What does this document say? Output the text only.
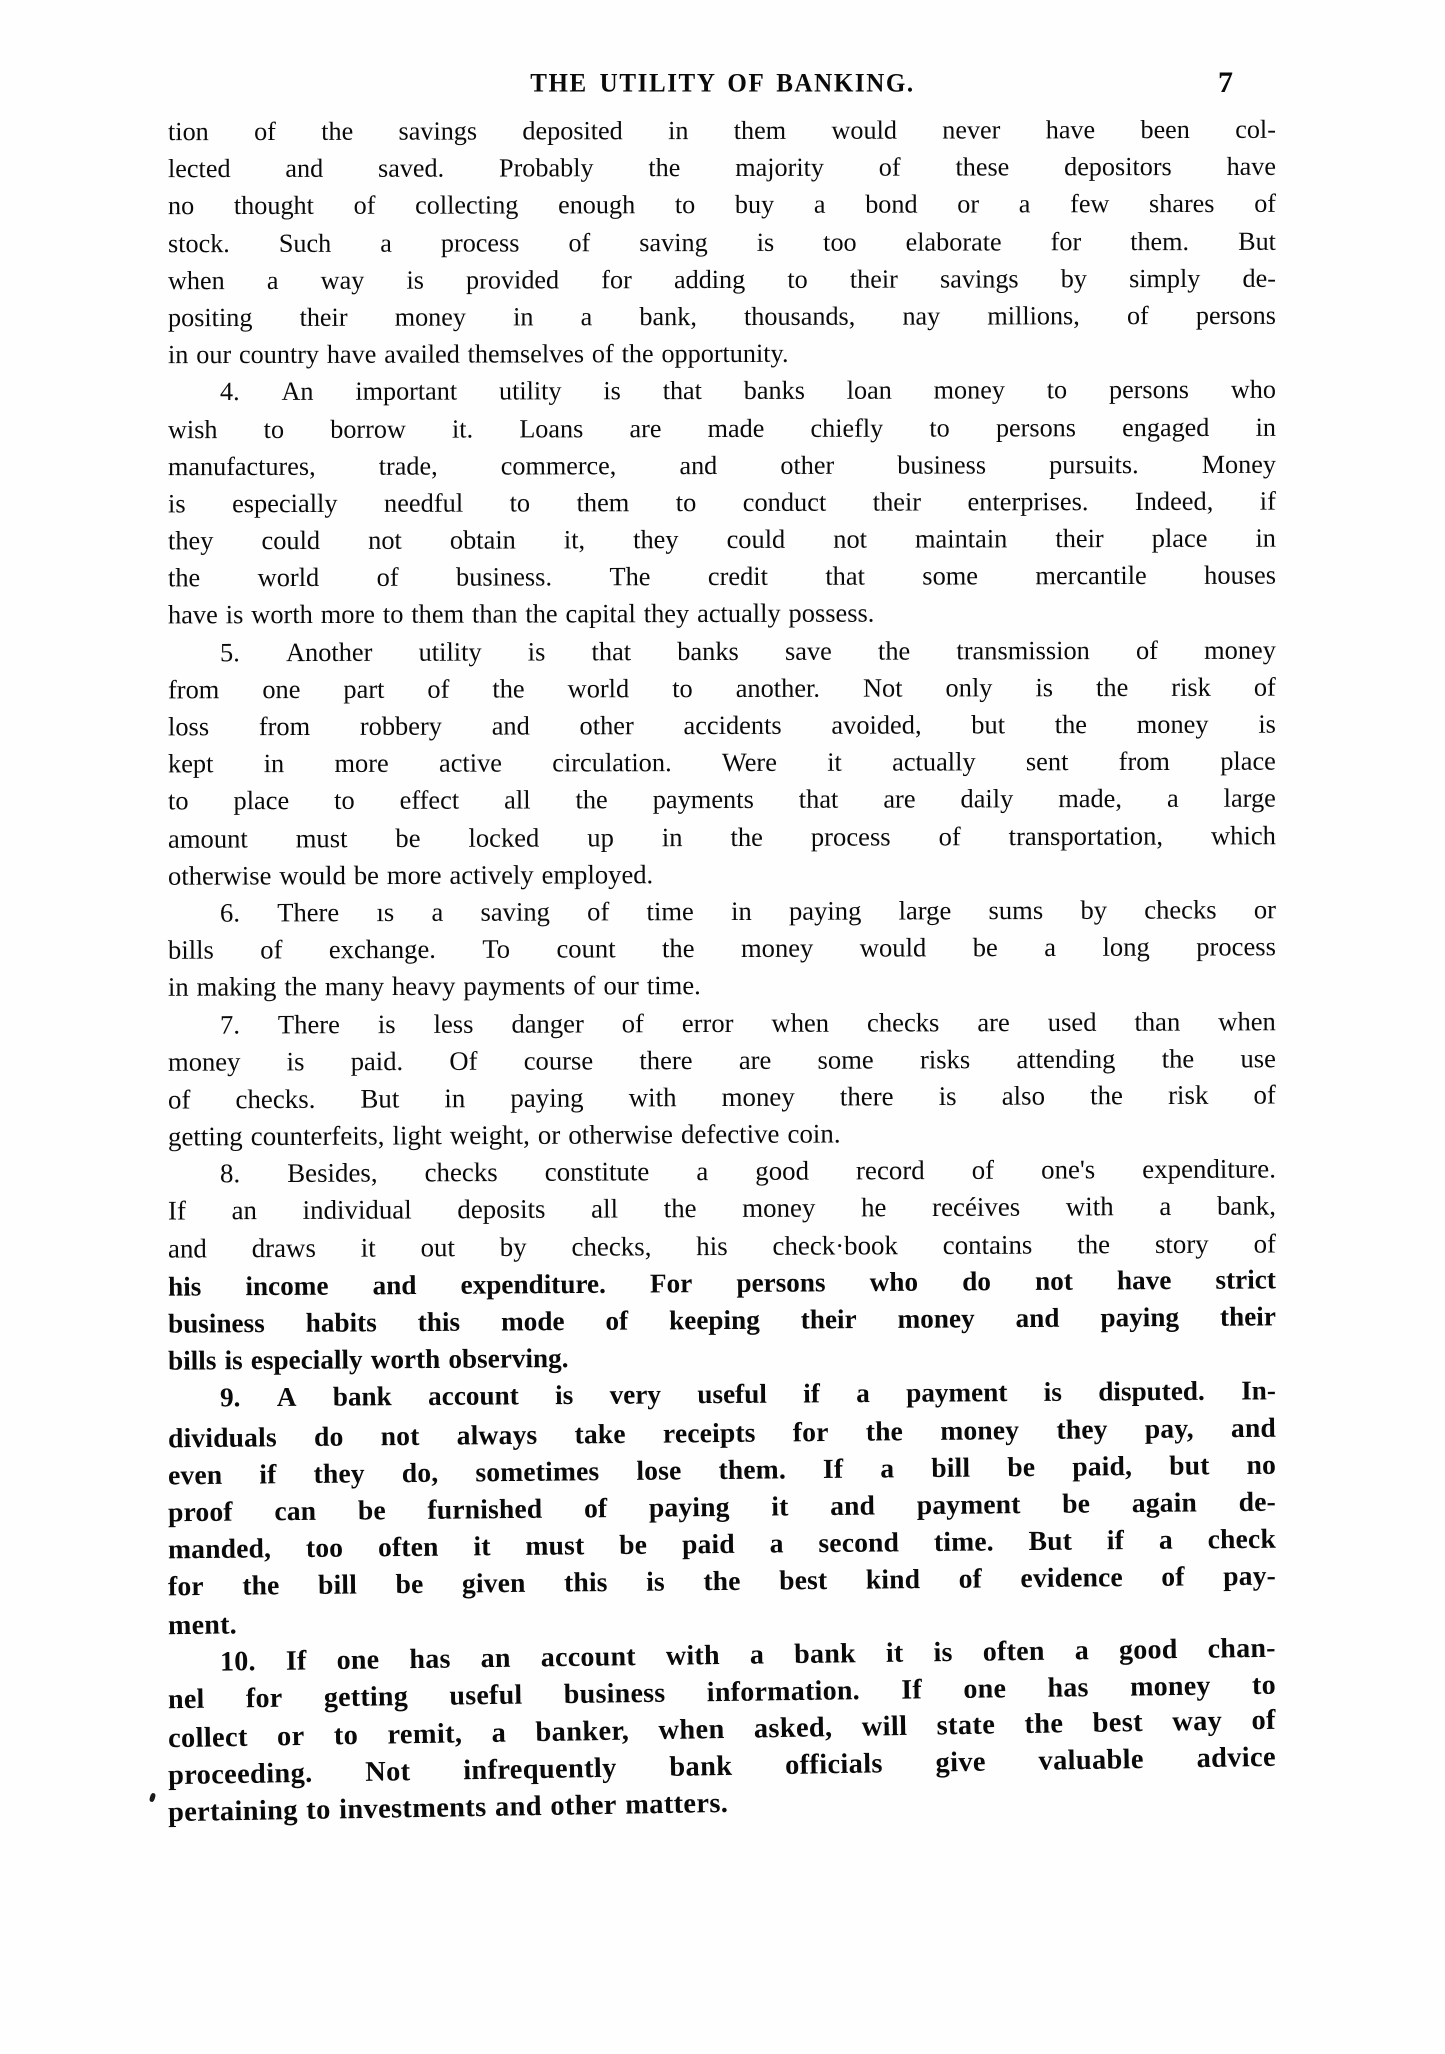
THE UTILITY OF BANKING.	7
tion of the savings deposited in them would never have been col-
lected and saved. Probably the majority of these depositors have
no thought of collecting enough to buy a bond or a few shares of
stock. Such a process of saving is too elaborate for them. But
when a way is provided for adding to their savings by simply de-
positing their money in a bank, thousands, nay millions, of persons
in our country have availed themselves of the opportunity.
4. An important utility is that banks loan money to persons who
wish to borrow it. Loans are made chiefly to persons engaged in
manufactures, trade, commerce, and other business pursuits. Money
is especially needful to them to conduct their enterprises. Indeed, if
they could not obtain it, they could not maintain their place in
the world of business. The credit that some mercantile houses
have is worth more to them than the capital they actually possess.
5. Another utility is that banks save the transmission of money
from one part of the world to another. Not only is the risk of
loss from robbery and other accidents avoided, but the money is
kept in more active circulation. Were it actually sent from place
to place to effect all the payments that are daily made, a large
amount must be locked up in the process of transportation, which
otherwise would be more actively employed.
6. There ıs a saving of time in paying large sums by checks or
bills of exchange. To count the money would be a long process
in making the many heavy payments of our time.
7. There is less danger of error when checks are used than when
money is paid. Of course there are some risks attending the use
of checks. But in paying with money there is also the risk of
getting counterfeits, light weight, or otherwise defective coin.
8. Besides, checks constitute a good record of one's expenditure.
If an individual deposits all the money he recéives with a bank,
and draws it out by checks, his check·book contains the story of
his income and expenditure. For persons who do not have strict
business habits this mode of keeping their money and paying their
bills is especially worth observing.
9. A bank account is very useful if a payment is disputed. In-
dividuals do not always take receipts for the money they pay, and
even if they do, sometimes lose them. If a bill be paid, but no
proof can be furnished of paying it and payment be again de-
manded, too often it must be paid a second time. But if a check
for the bill be given this is the best kind of evidence of pay-
ment.
10. If one has an account with a bank it is often a good chan-
nel for getting useful business information. If one has money to
collect or to remit, a banker, when asked, will state the best way of
proceeding. Not infrequently bank officials give valuable advice
pertaining to investments and other matters.
